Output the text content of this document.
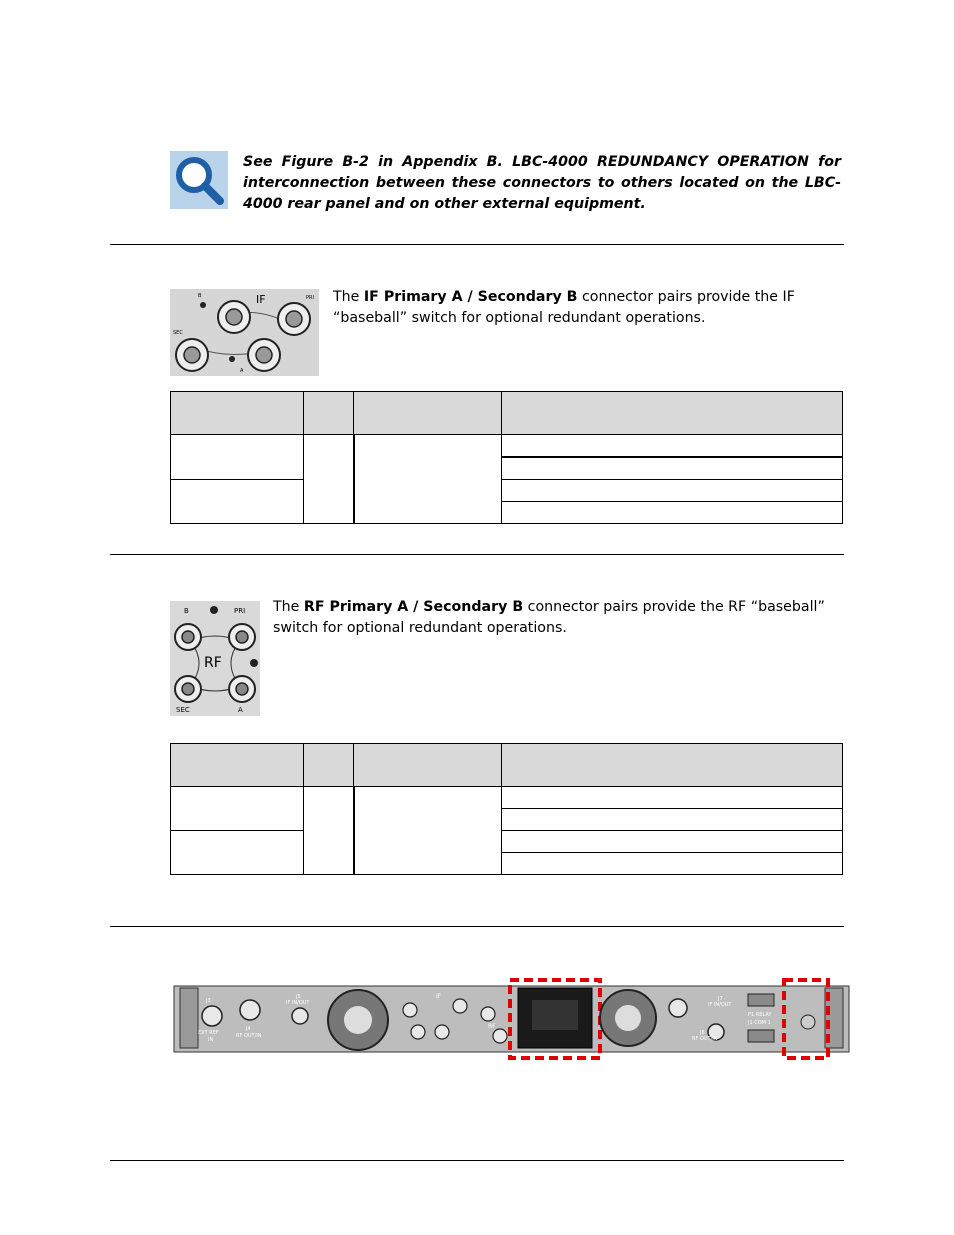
See Figure B-2 in Appendix B. LBC-4000 REDUNDANCY OPERATION for interconnection between these connectors to others located on the LBC-4000 rear panel and on other external equipment.
IF
B	PRI
SEC
A
The IF Primary A / Secondary B connector pairs provide the IF “baseball” switch for optional redundant operations.

RF
B	PRI
SEC	A
The RF Primary A / Secondary B connector pairs provide the RF “baseball” switch for optional redundant operations.

J3
EXT REF
IN
J4
RF OUT/IN
J5
IF IN/OUT
IF
RF
J6
RF OUT/IN
J7
IF IN/OUT
P1 RELAY
J1 COM 1
